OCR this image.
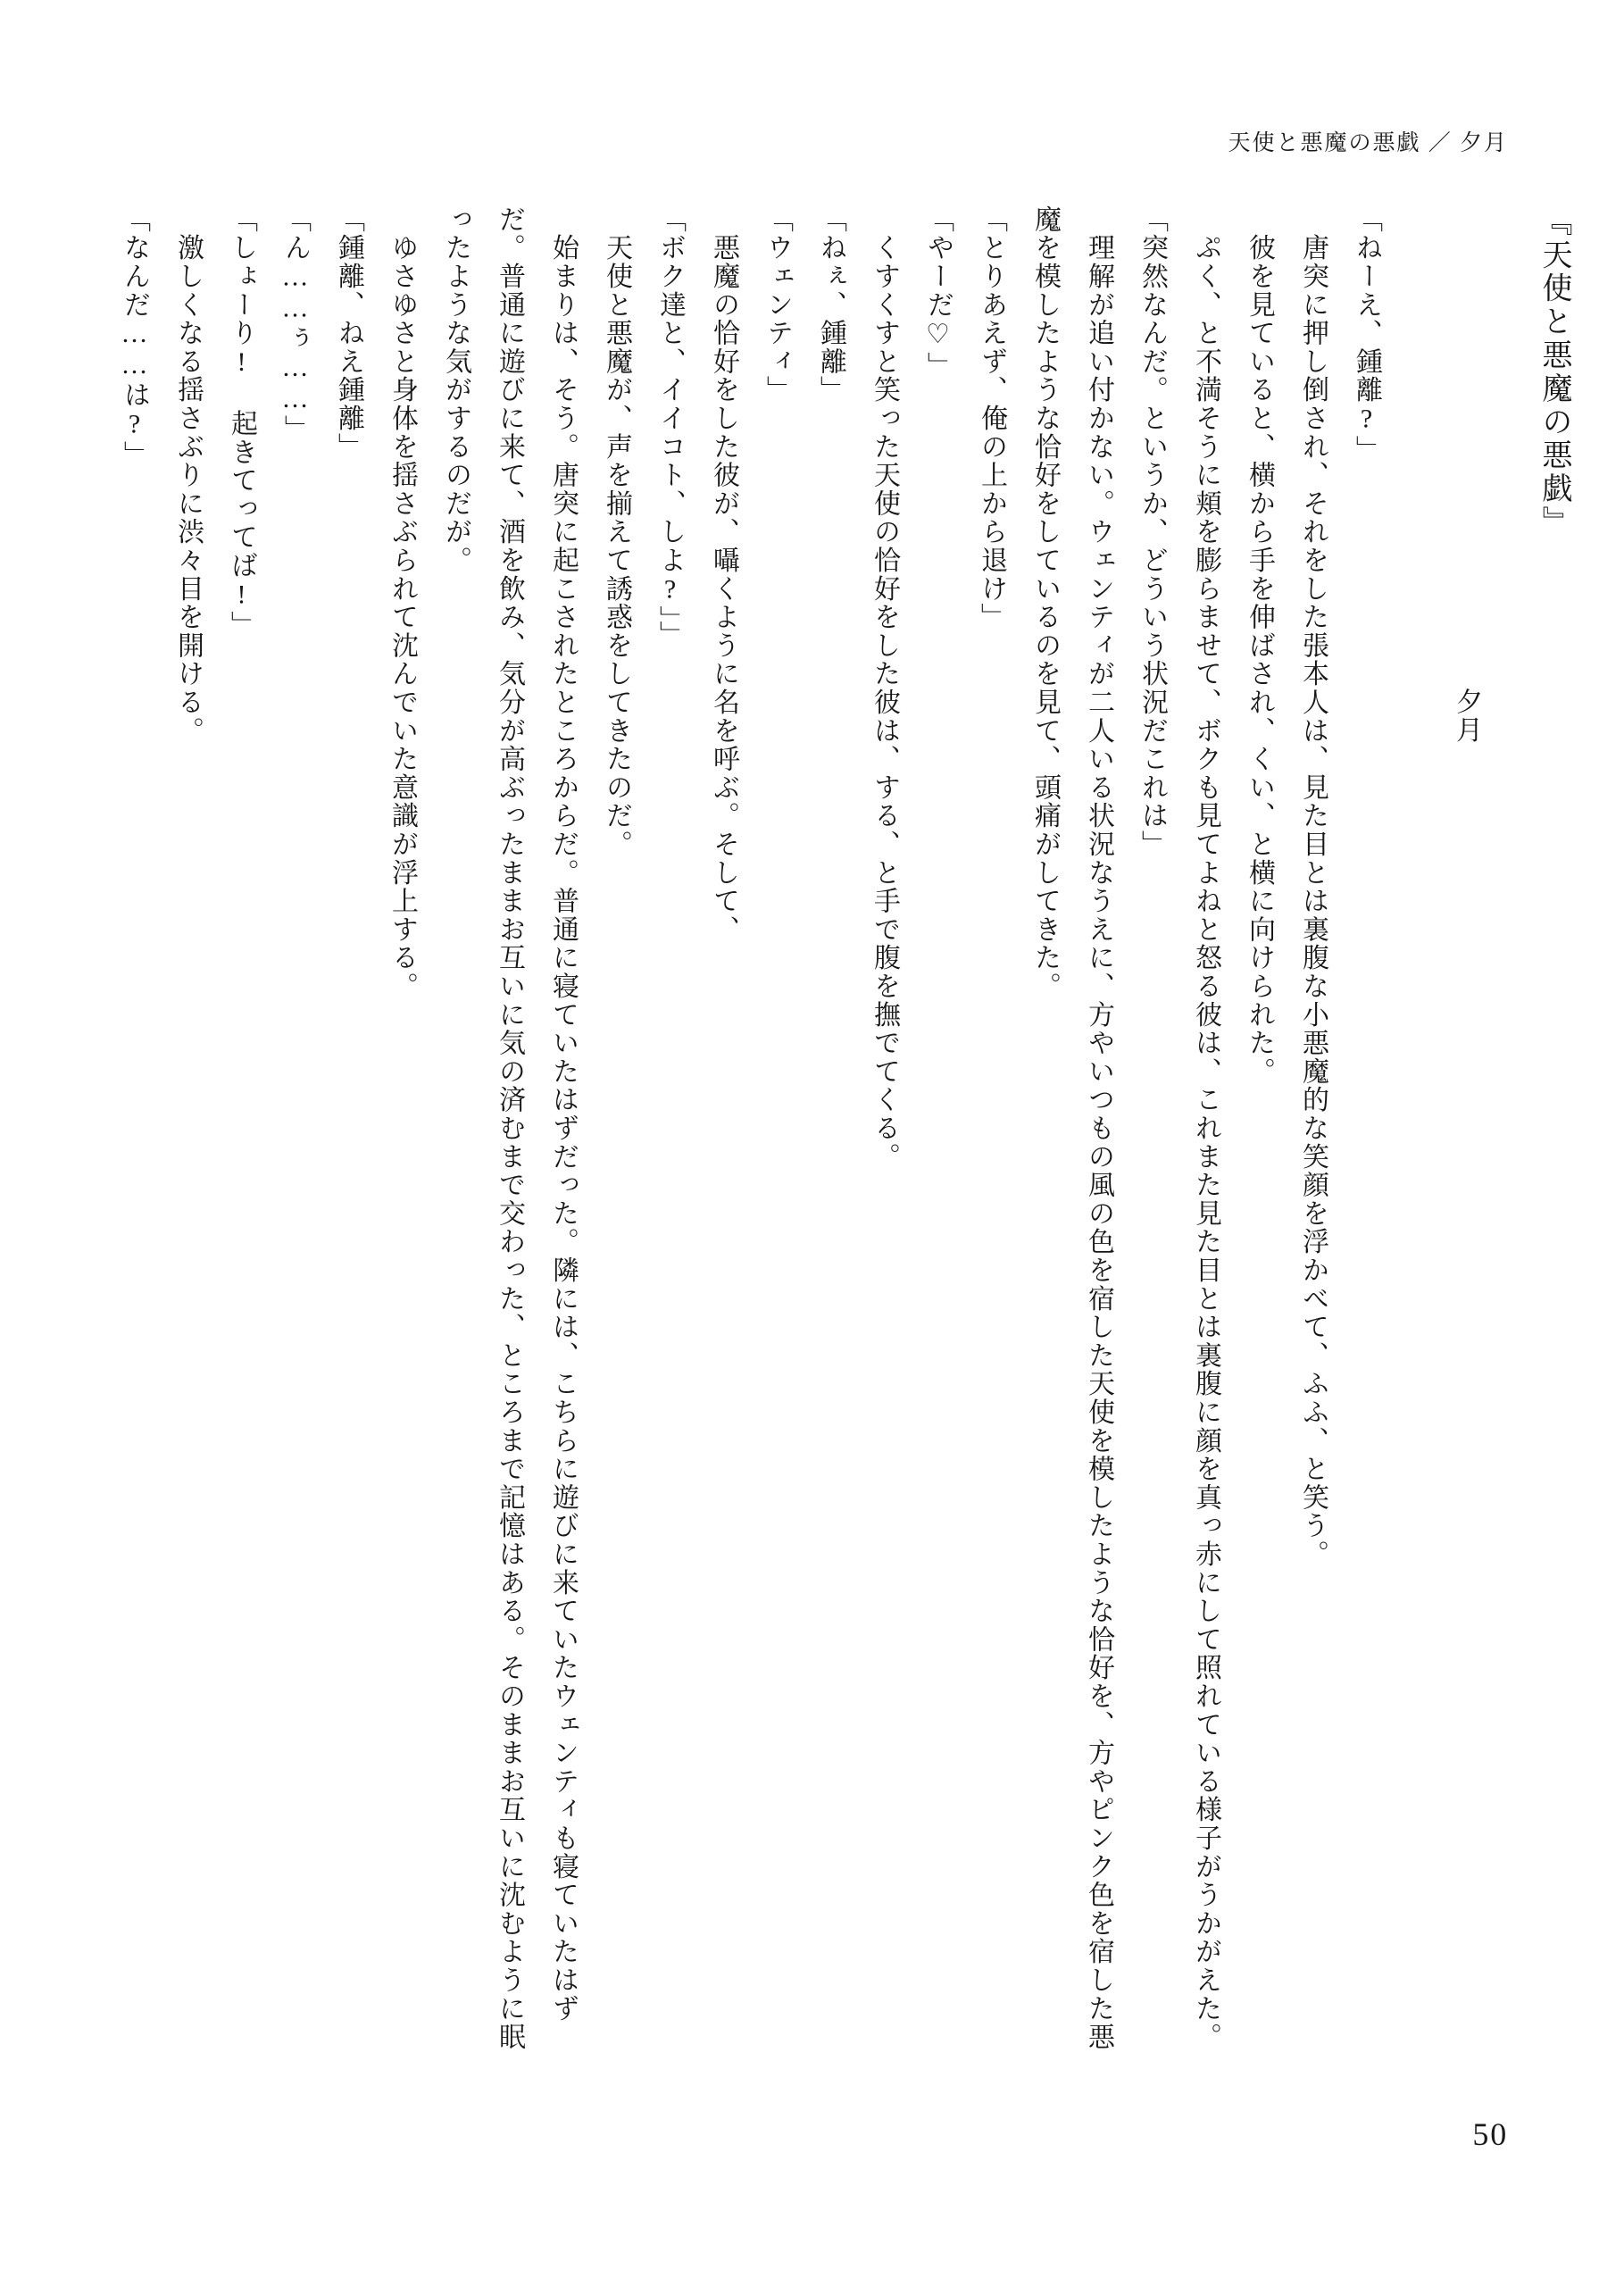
天使と悪魔の悪戯 ／ 夕月

『天使と悪魔の悪戯』

夕月

「ねーえ、鍾離?」

　唐突に押し倒され、それをした張本人は、見た目とは裏腹な小悪魔的な笑顔を浮かべて、ふふ、と笑う。

　彼を見ていると、横から手を伸ばされ、くい、と横に向けられた。

　ぷく、と不満そうに頬を膨らませて、ボクも見てよねと怒る彼は、これまた見た目とは裏腹に顔を真っ赤にして照れている様子がうかがえた。

「突然なんだ。というか、どういう状況だこれは」

　理解が追い付かない。ウェンティが二人いる状況なうえに、方やいつもの風の色を宿した天使を模したような恰好を、方やピンク色を宿した悪魔を模したような恰好をしているのを見て、頭痛がしてきた。

「とりあえず、俺の上から退け」

「やーだ♡」

　くすくすと笑った天使の恰好をした彼は、する、と手で腹を撫でてくる。

「ねぇ、鍾離」

「ウェンティ」

　悪魔の恰好をした彼が、囁くように名を呼ぶ。そして、

「ボク達と、イイコト、しよ?」」

　天使と悪魔が、声を揃えて誘惑をしてきたのだ。

　始まりは、そう。唐突に起こされたところからだ。普通に寝ていたはずだった。隣には、こちらに遊びに来ていたウェンティも寝ていたはずだ。普通に遊びに来て、酒を飲み、気分が高ぶったままお互いに気の済むまで交わった、ところまで記憶はある。そのままお互いに沈むように眠ったような気がするのだが。

　ゆさゆさと身体を揺さぶられて沈んでいた意識が浮上する。

「鍾離、ねえ鍾離」

「ん……ぅ……」

「しょーり! 起きてってば!」

　激しくなる揺さぶりに渋々目を開ける。

「なんだ……は?」

50
